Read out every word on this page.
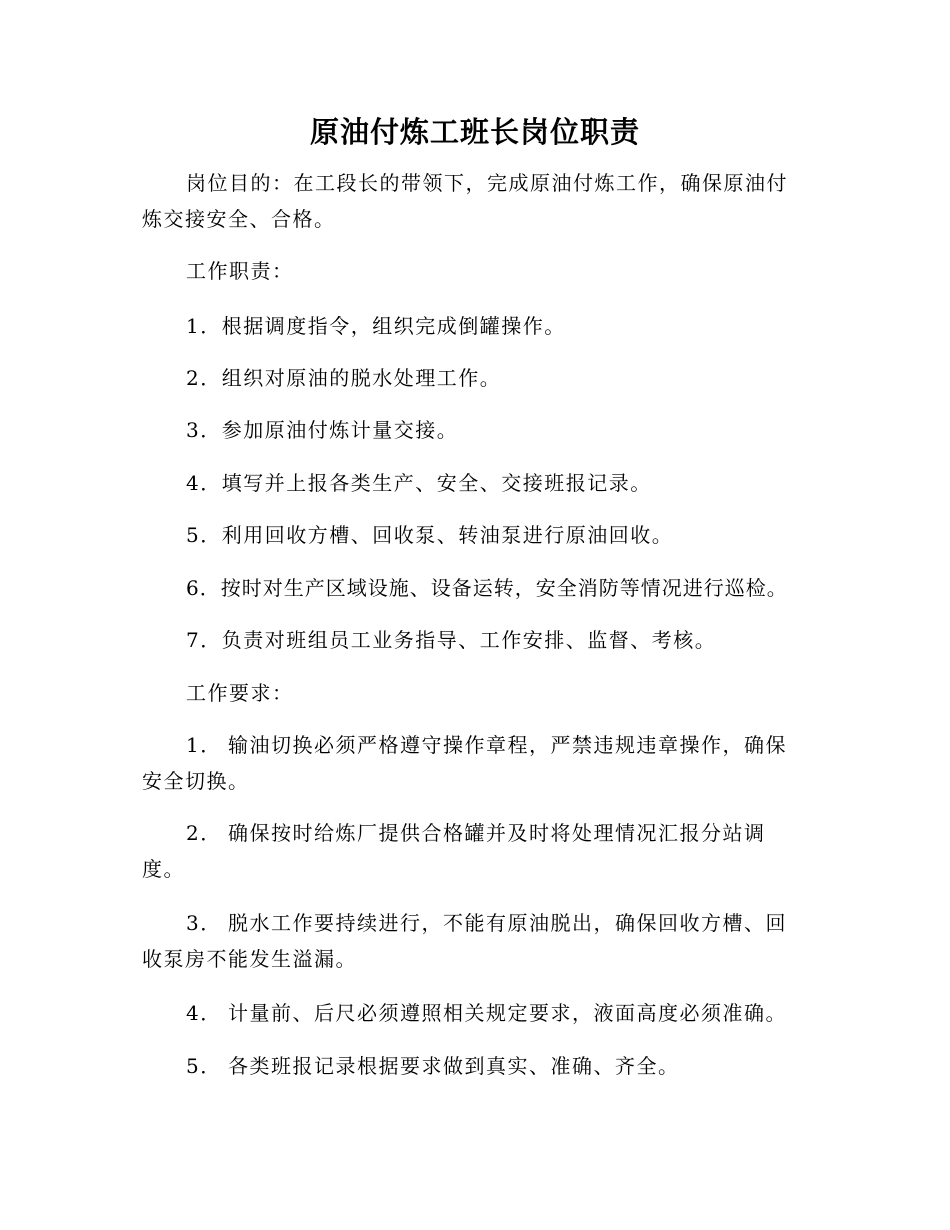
原油付炼工班长岗位职责

岗位目的：在工段长的带领下，完成原油付炼工作，确保原油付炼交接安全、合格。

工作职责：

1．根据调度指令，组织完成倒罐操作。

2．组织对原油的脱水处理工作。

3．参加原油付炼计量交接。

4．填写并上报各类生产、安全、交接班报记录。

5．利用回收方槽、回收泵、转油泵进行原油回收。

6．按时对生产区域设施、设备运转，安全消防等情况进行巡检。

7．负责对班组员工业务指导、工作安排、监督、考核。

工作要求：

1． 输油切换必须严格遵守操作章程，严禁违规违章操作，确保安全切换。

2． 确保按时给炼厂提供合格罐并及时将处理情况汇报分站调度。

3． 脱水工作要持续进行，不能有原油脱出，确保回收方槽、回收泵房不能发生溢漏。

4． 计量前、后尺必须遵照相关规定要求，液面高度必须准确。

5． 各类班报记录根据要求做到真实、准确、齐全。
